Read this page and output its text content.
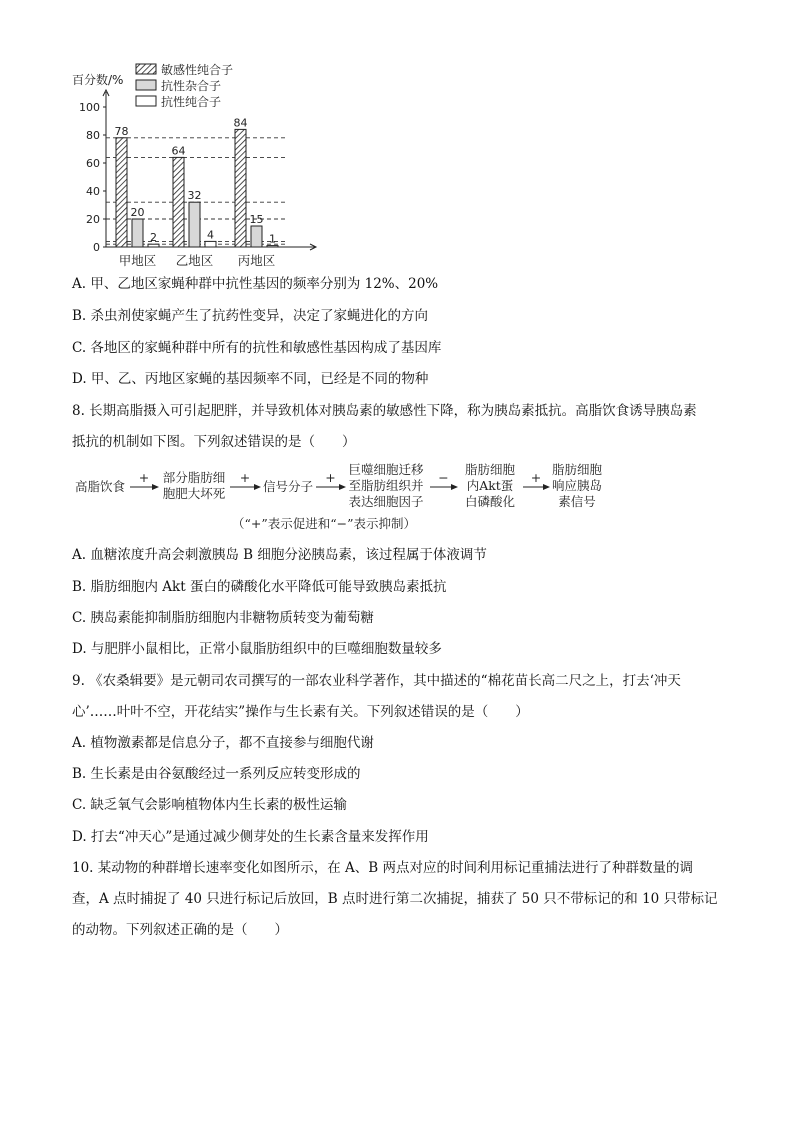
百分数/%
0
20
40
60
80
100
78
20
2
甲地区
64
32
4
乙地区
84
15
1
丙地区
敏感性纯合子
抗性杂合子
抗性纯合子
A. 甲、乙地区家蝇种群中抗性基因的频率分别为 12%、20%
B. 杀虫剂使家蝇产生了抗药性变异，决定了家蝇进化的方向
C. 各地区的家蝇种群中所有的抗性和敏感性基因构成了基因库
D. 甲、乙、丙地区家蝇的基因频率不同，已经是不同的物种
8. 长期高脂摄入可引起肥胖，并导致机体对胰岛素的敏感性下降，称为胰岛素抵抗。高脂饮食诱导胰岛素
抵抗的机制如下图。下列叙述错误的是（　　）
高脂饮食
部分脂肪细
胞肥大坏死	信号分子
巨噬细胞迁移
至脂肪组织并
表达细胞因子
脂肪细胞
内Akt蛋
白磷酸化
脂肪细胞
响应胰岛
素信号
+	+	+	−	+
（“+”表示促进和“−”表示抑制）
A. 血糖浓度升高会刺激胰岛 B 细胞分泌胰岛素，该过程属于体液调节
B. 脂肪细胞内 Akt 蛋白的磷酸化水平降低可能导致胰岛素抵抗
C. 胰岛素能抑制脂肪细胞内非糖物质转变为葡萄糖
D. 与肥胖小鼠相比，正常小鼠脂肪组织中的巨噬细胞数量较多
9. 《农桑辑要》是元朝司农司撰写的一部农业科学著作，其中描述的“棉花苗长高二尺之上，打去‘冲天
心’……叶叶不空，开花结实”操作与生长素有关。下列叙述错误的是（　　）
A. 植物激素都是信息分子，都不直接参与细胞代谢
B. 生长素是由谷氨酸经过一系列反应转变形成的
C. 缺乏氧气会影响植物体内生长素的极性运输
D. 打去“冲天心”是通过减少侧芽处的生长素含量来发挥作用
10. 某动物的种群增长速率变化如图所示，在 A、B 两点对应的时间利用标记重捕法进行了种群数量的调
查，A 点时捕捉了 40 只进行标记后放回，B 点时进行第二次捕捉，捕获了 50 只不带标记的和 10 只带标记
的动物。下列叙述正确的是（　　）
